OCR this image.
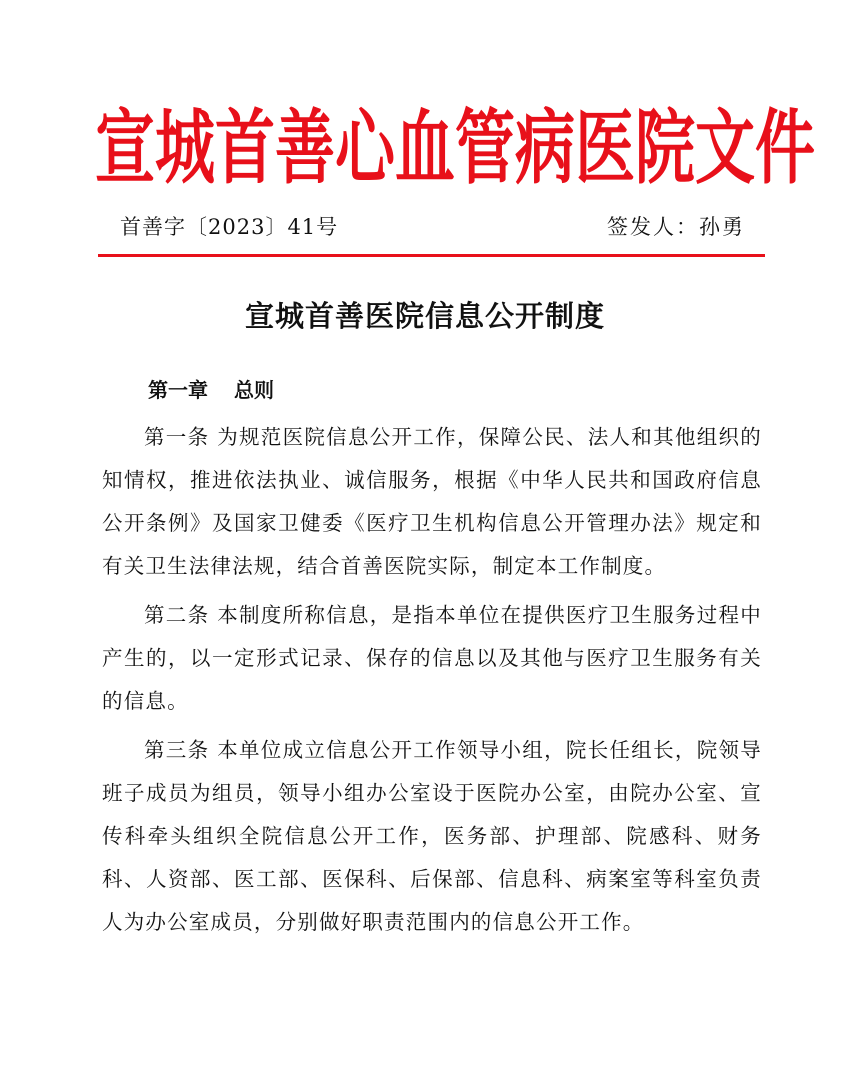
宣城首善心血管病医院文件
首善字〔2023〕41号	签发人：孙勇
宣城首善医院信息公开制度
第一章 总则

第一条 为规范医院信息公开工作，保障公民、法人和其他组织的知情权，推进依法执业、诚信服务，根据《中华人民共和国政府信息公开条例》及国家卫健委《医疗卫生机构信息公开管理办法》规定和有关卫生法律法规，结合首善医院实际，制定本工作制度。

第二条 本制度所称信息，是指本单位在提供医疗卫生服务过程中产生的，以一定形式记录、保存的信息以及其他与医疗卫生服务有关的信息。

第三条 本单位成立信息公开工作领导小组，院长任组长，院领导班子成员为组员，领导小组办公室设于医院办公室，由院办公室、宣传科牵头组织全院信息公开工作，医务部、护理部、院感科、财务科、人资部、医工部、医保科、后保部、信息科、病案室等科室负责人为办公室成员，分别做好职责范围内的信息公开工作。
